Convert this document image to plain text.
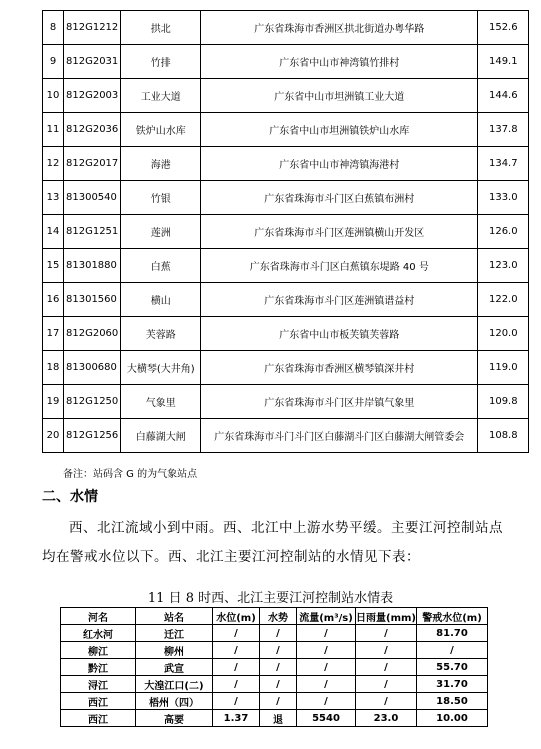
8	812G1212	拱北	广东省珠海市香洲区拱北街道办粤华路	152.6
9	812G2031	竹排	广东省中山市神湾镇竹排村	149.1
10	812G2003	工业大道	广东省中山市坦洲镇工业大道	144.6
11	812G2036	铁炉山水库	广东省中山市坦洲镇铁炉山水库	137.8
12	812G2017	海港	广东省中山市神湾镇海港村	134.7
13	81300540	竹银	广东省珠海市斗门区白蕉镇布洲村	133.0
14	812G1251	莲洲	广东省珠海市斗门区莲洲镇横山开发区	126.0
15	81301880	白蕉	广东省珠海市斗门区白蕉镇东堤路 40 号	123.0
16	81301560	横山	广东省珠海市斗门区莲洲镇谱益村	122.0
17	812G2060	芙蓉路	广东省中山市板芙镇芙蓉路	120.0
18	81300680	大横琴(大井角)	广东省珠海市香洲区横琴镇深井村	119.0
19	812G1250	气象里	广东省珠海市斗门区井岸镇气象里	109.8
20	812G1256	白藤湖大闸	广东省珠海市斗门斗门区白藤湖斗门区白藤湖大闸管委会	108.8
备注：站码含 G 的为气象站点
二、水情
西、北江流域小到中雨。西、北江中上游水势平缓。主要江河控制站点均在警戒水位以下。西、北江主要江河控制站的水情见下表：
11 日 8 时西、北江主要江河控制站水情表
河名	站名	水位(m)	水势	流量(m³/s)	日雨量(mm)	警戒水位(m)
红水河	迁江	/	/	/	/	81.70
柳江	柳州	/	/	/	/	/
黔江	武宣	/	/	/	/	55.70
浔江	大湟江口(二)	/	/	/	/	31.70
西江	梧州（四）	/	/	/	/	18.50
西江	高要	1.37	退	5540	23.0	10.00
